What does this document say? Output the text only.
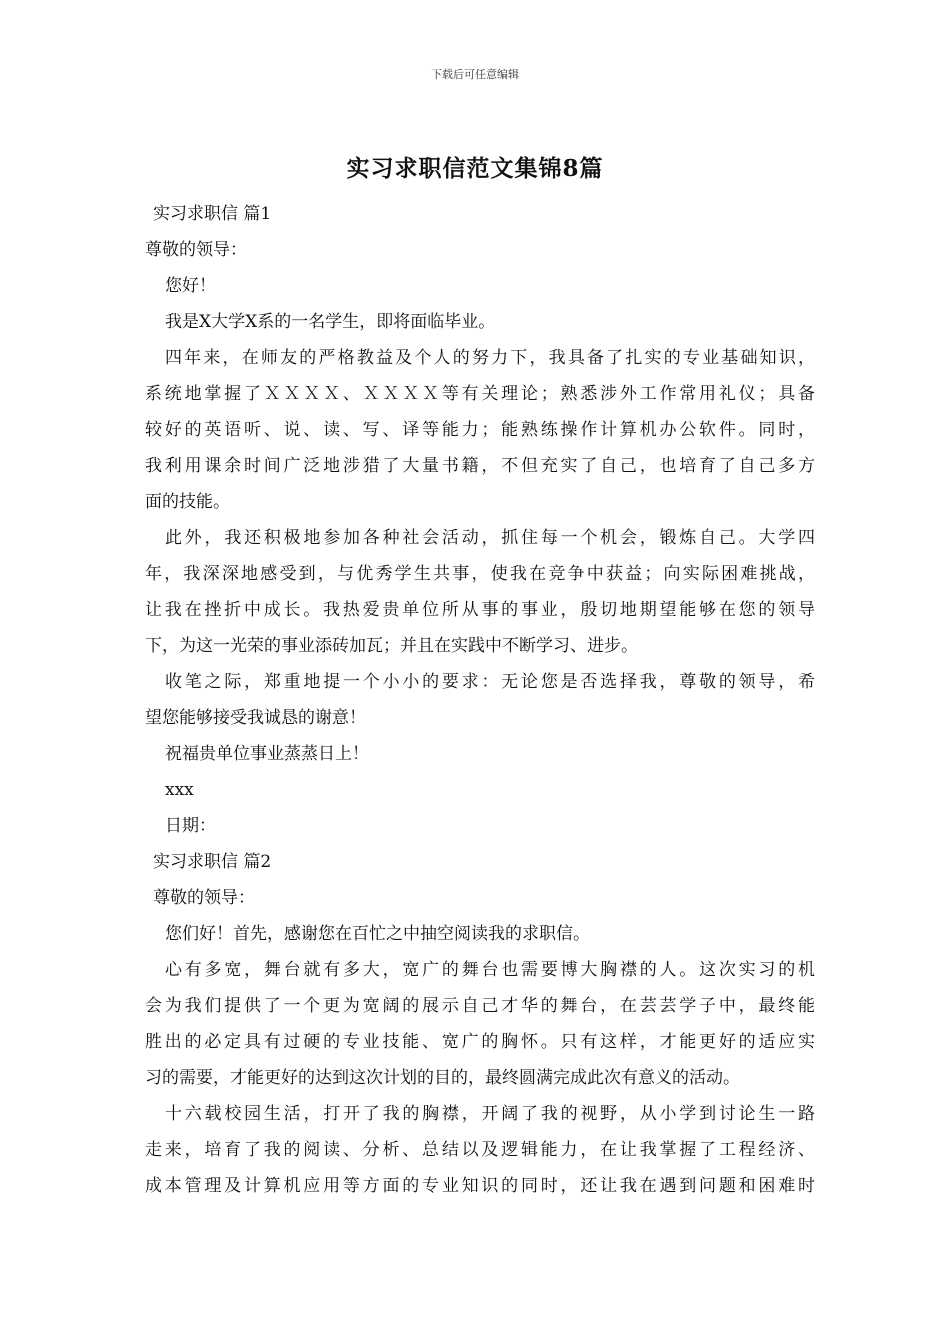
下载后可任意编辑
实习求职信范文集锦8篇
实习求职信 篇1
尊敬的领导：
您好！
我是X大学X系的一名学生，即将面临毕业。
四年来，在师友的严格教益及个人的努力下，我具备了扎实的专业基础知识，
系统地掌握了ＸＸＸＸ、ＸＸＸＸ等有关理论；熟悉涉外工作常用礼仪；具备
较好的英语听、说、读、写、译等能力；能熟练操作计算机办公软件。同时，
我利用课余时间广泛地涉猎了大量书籍，不但充实了自己，也培育了自己多方
面的技能。
此外，我还积极地参加各种社会活动，抓住每一个机会，锻炼自己。大学四
年，我深深地感受到，与优秀学生共事，使我在竞争中获益；向实际困难挑战，
让我在挫折中成长。我热爱贵单位所从事的事业，殷切地期望能够在您的领导
下，为这一光荣的事业添砖加瓦；并且在实践中不断学习、进步。
收笔之际，郑重地提一个小小的要求：无论您是否选择我，尊敬的领导，希
望您能够接受我诚恳的谢意！
祝福贵单位事业蒸蒸日上！
xxx
日期：
实习求职信 篇2
尊敬的领导：
您们好！首先，感谢您在百忙之中抽空阅读我的求职信。
心有多宽，舞台就有多大，宽广的舞台也需要博大胸襟的人。这次实习的机
会为我们提供了一个更为宽阔的展示自己才华的舞台，在芸芸学子中，最终能
胜出的必定具有过硬的专业技能、宽广的胸怀。只有这样，才能更好的适应实
习的需要，才能更好的达到这次计划的目的，最终圆满完成此次有意义的活动。
十六载校园生活，打开了我的胸襟，开阔了我的视野，从小学到讨论生一路
走来，培育了我的阅读、分析、总结以及逻辑能力，在让我掌握了工程经济、
成本管理及计算机应用等方面的专业知识的同时，还让我在遇到问题和困难时
